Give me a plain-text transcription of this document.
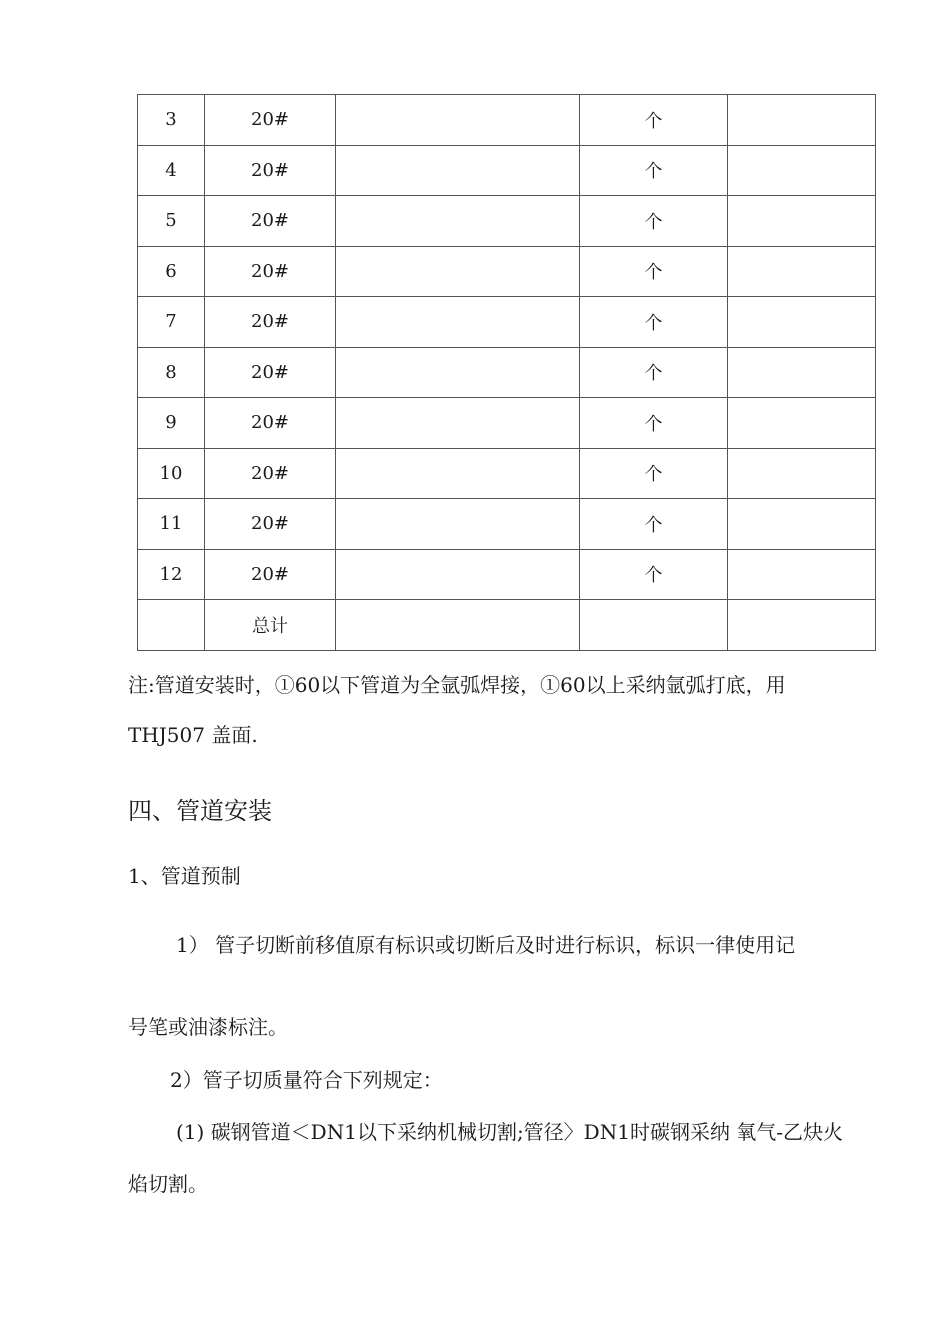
3	20#		个	
4	20#		个	
5	20#		个	
6	20#		个	
7	20#		个	
8	20#		个	
9	20#		个	
10	20#		个	
11	20#		个	
12	20#		个	
	总计			
注:管道安装时，①60以下管道为全氩弧焊接，①60以上采纳氩弧打底，用
THJ507 盖面.
四、管道安装
1、管道预制
1） 管子切断前移值原有标识或切断后及时进行标识，标识一律使用记
号笔或油漆标注。
2）管子切质量符合下列规定：
(1) 碳钢管道＜DN1以下采纳机械切割;管径〉DN1时碳钢采纳 氧气-乙炔火
焰切割。
